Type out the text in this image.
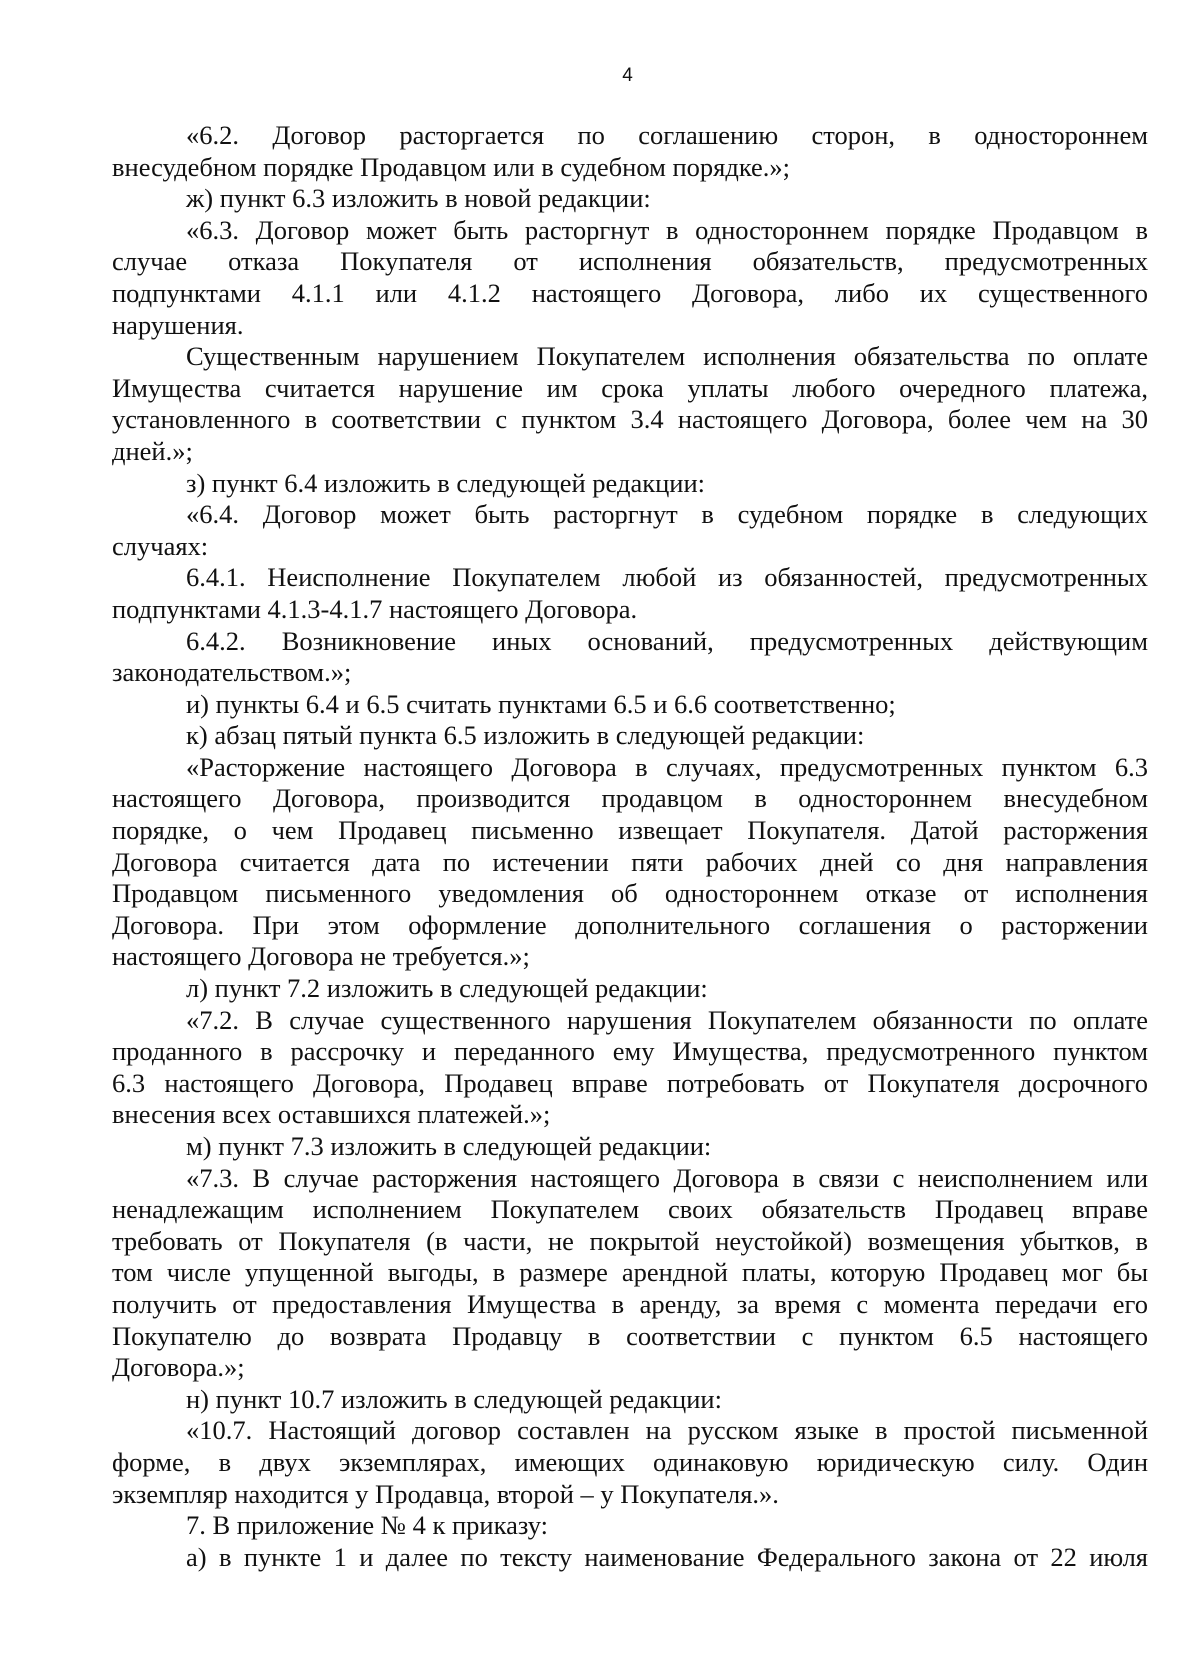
4
«6.2. Договор расторгается по соглашению сторон, в одностороннем
внесудебном порядке Продавцом или в судебном порядке.»;
ж) пункт 6.3 изложить в новой редакции:
«6.3. Договор может быть расторгнут в одностороннем порядке Продавцом в
случае отказа Покупателя от исполнения обязательств, предусмотренных
подпунктами 4.1.1 или 4.1.2 настоящего Договора, либо их существенного
нарушения.
Существенным нарушением Покупателем исполнения обязательства по оплате
Имущества считается нарушение им срока уплаты любого очередного платежа,
установленного в соответствии с пунктом 3.4 настоящего Договора, более чем на 30
дней.»;
з) пункт 6.4 изложить в следующей редакции:
«6.4. Договор может быть расторгнут в судебном порядке в следующих
случаях:
6.4.1. Неисполнение Покупателем любой из обязанностей, предусмотренных
подпунктами 4.1.3-4.1.7 настоящего Договора.
6.4.2. Возникновение иных оснований, предусмотренных действующим
законодательством.»;
и) пункты 6.4 и 6.5 считать пунктами 6.5 и 6.6 соответственно;
к) абзац пятый пункта 6.5 изложить в следующей редакции:
«Расторжение настоящего Договора в случаях, предусмотренных пунктом 6.3
настоящего Договора, производится продавцом в одностороннем внесудебном
порядке, о чем Продавец письменно извещает Покупателя. Датой расторжения
Договора считается дата по истечении пяти рабочих дней со дня направления
Продавцом письменного уведомления об одностороннем отказе от исполнения
Договора. При этом оформление дополнительного соглашения о расторжении
настоящего Договора не требуется.»;
л) пункт 7.2 изложить в следующей редакции:
«7.2. В случае существенного нарушения Покупателем обязанности по оплате
проданного в рассрочку и переданного ему Имущества, предусмотренного пунктом
6.3 настоящего Договора, Продавец вправе потребовать от Покупателя досрочного
внесения всех оставшихся платежей.»;
м) пункт 7.3 изложить в следующей редакции:
«7.3. В случае расторжения настоящего Договора в связи с неисполнением или
ненадлежащим исполнением Покупателем своих обязательств Продавец вправе
требовать от Покупателя (в части, не покрытой неустойкой) возмещения убытков, в
том числе упущенной выгоды, в размере арендной платы, которую Продавец мог бы
получить от предоставления Имущества в аренду, за время с момента передачи его
Покупателю до возврата Продавцу в соответствии с пунктом 6.5 настоящего
Договора.»;
н) пункт 10.7 изложить в следующей редакции:
«10.7. Настоящий договор составлен на русском языке в простой письменной
форме, в двух экземплярах, имеющих одинаковую юридическую силу. Один
экземпляр находится у Продавца, второй – у Покупателя.».
7. В приложение № 4 к приказу:
а) в пункте 1 и далее по тексту наименование Федерального закона от 22 июля
